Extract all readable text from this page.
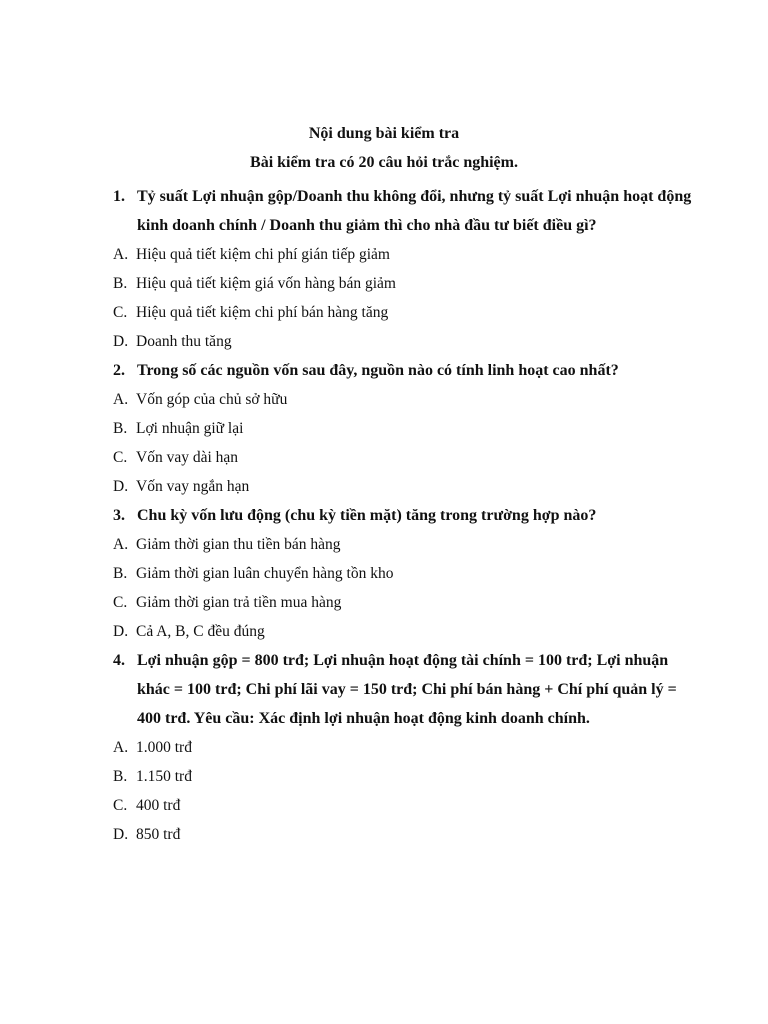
Nội dung bài kiểm tra
Bài kiểm tra có 20 câu hỏi trắc nghiệm.
1. Tỷ suất Lợi nhuận gộp/Doanh thu không đổi, nhưng tỷ suất Lợi nhuận hoạt động kinh doanh chính / Doanh thu giảm thì cho nhà đầu tư biết điều gì?
A. Hiệu quả tiết kiệm chi phí gián tiếp giảm
B. Hiệu quả tiết kiệm giá vốn hàng bán giảm
C. Hiệu quả tiết kiệm chi phí bán hàng tăng
D. Doanh thu tăng
2. Trong số các nguồn vốn sau đây, nguồn nào có tính linh hoạt cao nhất?
A. Vốn góp của chủ sở hữu
B. Lợi nhuận giữ lại
C. Vốn vay dài hạn
D. Vốn vay ngắn hạn
3. Chu kỳ vốn lưu động (chu kỳ tiền mặt) tăng trong trường hợp nào?
A. Giảm thời gian thu tiền bán hàng
B. Giảm thời gian luân chuyển hàng tồn kho
C. Giảm thời gian trả tiền mua hàng
D. Cả A, B, C đều đúng
4. Lợi nhuận gộp = 800 trđ; Lợi nhuận hoạt động tài chính = 100 trđ; Lợi nhuận khác = 100 trđ; Chi phí lãi vay = 150 trđ; Chi phí bán hàng + Chí phí quản lý = 400 trđ. Yêu cầu: Xác định lợi nhuận hoạt động kinh doanh chính.
A. 1.000 trđ
B. 1.150 trđ
C. 400 trđ
D. 850 trđ
